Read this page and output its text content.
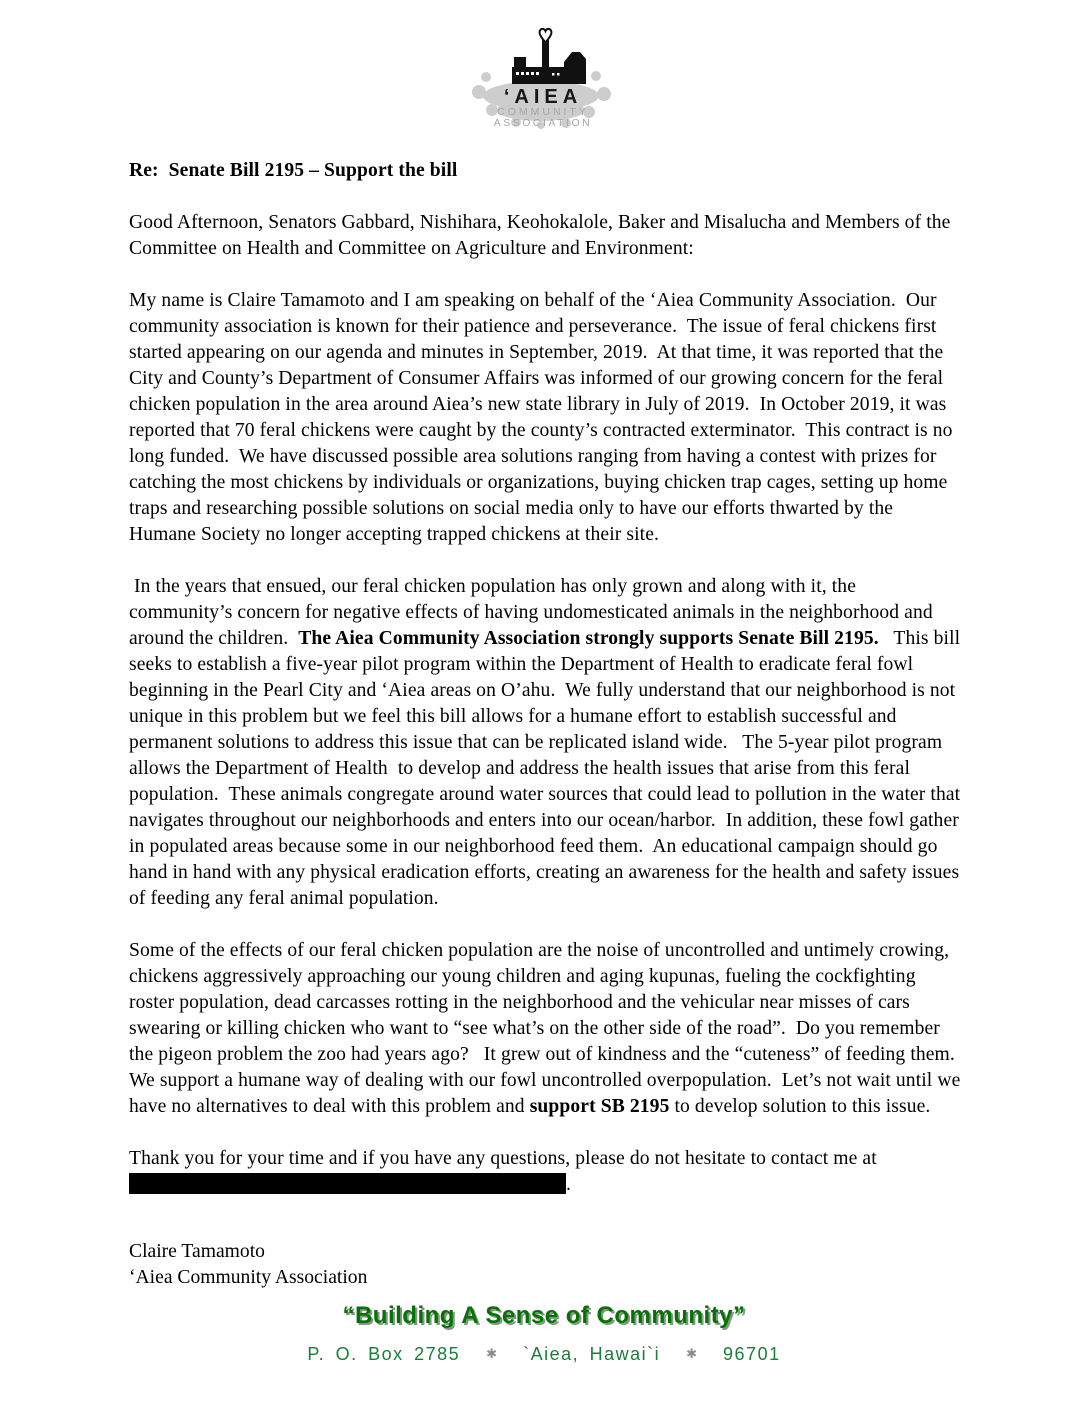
‘AIEA
COMMUNITY
ASSOCIATION
Re:  Senate Bill 2195 – Support the bill

Good Afternoon, Senators Gabbard, Nishihara, Keohokalole, Baker and Misalucha and Members of the Committee on Health and Committee on Agriculture and Environment:

My name is Claire Tamamoto and I am speaking on behalf of the ‘Aiea Community Association.  Our community association is known for their patience and perseverance.  The issue of feral chickens first started appearing on our agenda and minutes in September, 2019.  At that time, it was reported that the City and County’s Department of Consumer Affairs was informed of our growing concern for the feral chicken population in the area around Aiea’s new state library in July of 2019.  In October 2019, it was reported that 70 feral chickens were caught by the county’s contracted exterminator.  This contract is no long funded.  We have discussed possible area solutions ranging from having a contest with prizes for catching the most chickens by individuals or organizations, buying chicken trap cages, setting up home traps and researching possible solutions on social media only to have our efforts thwarted by the Humane Society no longer accepting trapped chickens at their site.

In the years that ensued, our feral chicken population has only grown and along with it, the community’s concern for negative effects of having undomesticated animals in the neighborhood and around the children.  The Aiea Community Association strongly supports Senate Bill 2195.   This bill seeks to establish a five-year pilot program within the Department of Health to eradicate feral fowl beginning in the Pearl City and ‘Aiea areas on O’ahu.  We fully understand that our neighborhood is not unique in this problem but we feel this bill allows for a humane effort to establish successful and permanent solutions to address this issue that can be replicated island wide.   The 5-year pilot program allows the Department of Health  to develop and address the health issues that arise from this feral population.  These animals congregate around water sources that could lead to pollution in the water that navigates throughout our neighborhoods and enters into our ocean/harbor.  In addition, these fowl gather in populated areas because some in our neighborhood feed them.  An educational campaign should go hand in hand with any physical eradication efforts, creating an awareness for the health and safety issues of feeding any feral animal population.

Some of the effects of our feral chicken population are the noise of uncontrolled and untimely crowing, chickens aggressively approaching our young children and aging kupunas, fueling the cockfighting roster population, dead carcasses rotting in the neighborhood and the vehicular near misses of cars swearing or killing chicken who want to “see what’s on the other side of the road”.  Do you remember the pigeon problem the zoo had years ago?   It grew out of kindness and the “cuteness” of feeding them.  We support a humane way of dealing with our fowl uncontrolled overpopulation.  Let’s not wait until we have no alternatives to deal with this problem and support SB 2195 to develop solution to this issue.

Thank you for your time and if you have any questions, please do not hesitate to contact me at .

Claire Tamamoto
‘Aiea Community Association
“Building A Sense of Community”
P. O. Box 2785 ✱ `Aiea, Hawai`i ✱ 96701
